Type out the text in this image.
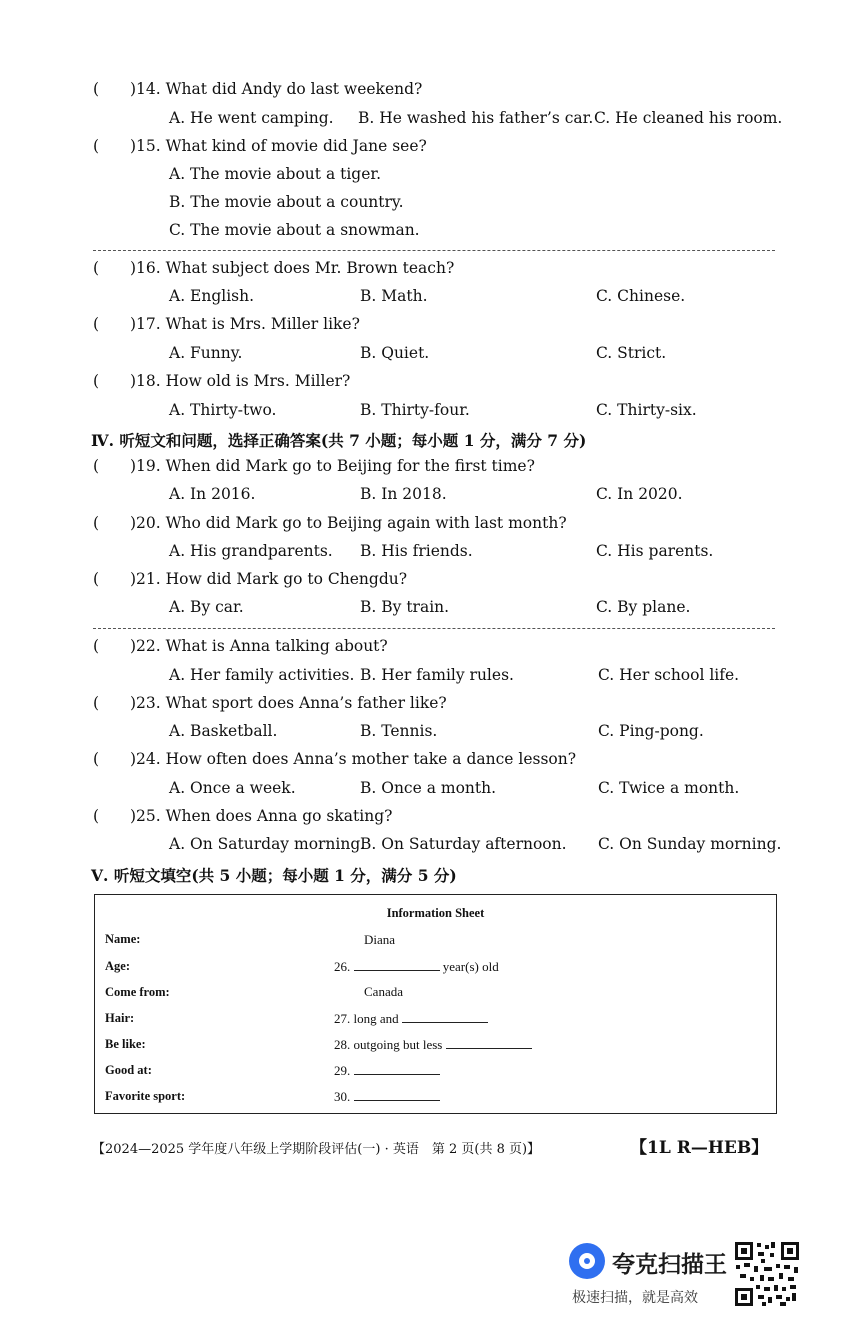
( )14. What did Andy do last weekend?
A. He went camping. B. He washed his father’s car. C. He cleaned his room.
( )15. What kind of movie did Jane see?
A. The movie about a tiger.
B. The movie about a country.
C. The movie about a snowman.
( )16. What subject does Mr. Brown teach?
A. English.	B. Math.	C. Chinese.
( )17. What is Mrs. Miller like?
A. Funny.	B. Quiet.	C. Strict.
( )18. How old is Mrs. Miller?
A. Thirty-two.	B. Thirty-four.	C. Thirty-six.
Ⅳ. 听短文和问题，选择正确答案(共 7 小题；每小题 1 分，满分 7 分)
( )19. When did Mark go to Beijing for the first time?
A. In 2016.	B. In 2018.	C. In 2020.
( )20. Who did Mark go to Beijing again with last month?
A. His grandparents. B. His friends.	C. His parents.
( )21. How did Mark go to Chengdu?
A. By car.	B. By train.	C. By plane.
( )22. What is Anna talking about?
A. Her family activities. B. Her family rules.	C. Her school life.
( )23. What sport does Anna’s father like?
A. Basketball.	B. Tennis.	C. Ping-pong.
( )24. How often does Anna’s mother take a dance lesson?
A. Once a week.	B. Once a month.	C. Twice a month.
( )25. When does Anna go skating?
A. On Saturday morning.
B. On Saturday afternoon. C. On Sunday morning.
Ⅴ. 听短文填空(共 5 小题；每小题 1 分，满分 5 分)
Information Sheet
Name:	Diana
Age:	26.	year(s) old
Come from:	Canada
Hair:	27. long and
Be like:	28. outgoing but less
Good at:	29.
Favorite sport:	30.
【2024—2025 学年度八年级上学期阶段评估(一) · 英语　第 2 页(共 8 页)】	【1L R—HEB】
夸克扫描王
极速扫描，就是高效
